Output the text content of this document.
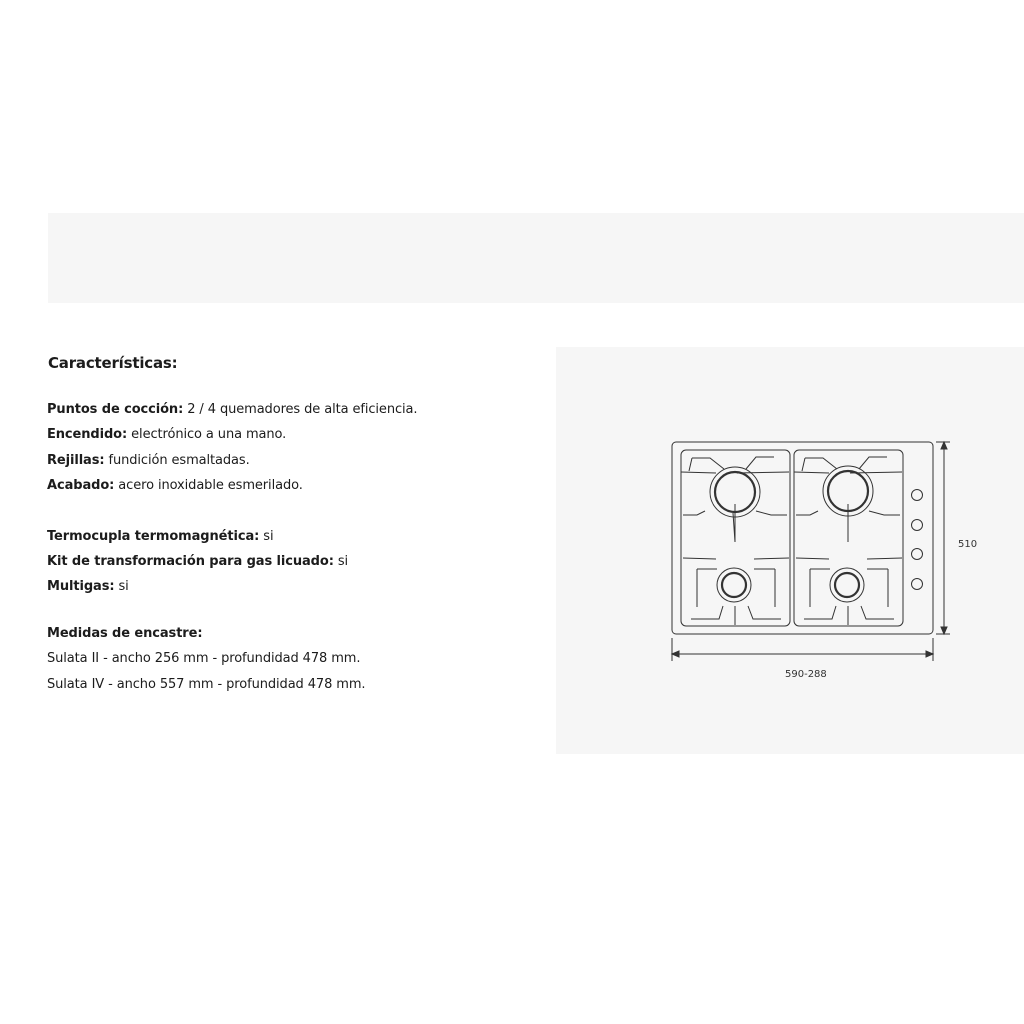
Características:
Puntos de cocción: 2 / 4 quemadores de alta eficiencia.
Encendido: electrónico a una mano.
Rejillas: fundición esmaltadas.
Acabado: acero inoxidable esmerilado.
Termocupla termomagnética: si
Kit de transformación para gas licuado: si
Multigas: si
Medidas de encastre:
Sulata II - ancho 256 mm - profundidad 478 mm.
Sulata IV - ancho 557 mm - profundidad 478 mm.
510
590-288
